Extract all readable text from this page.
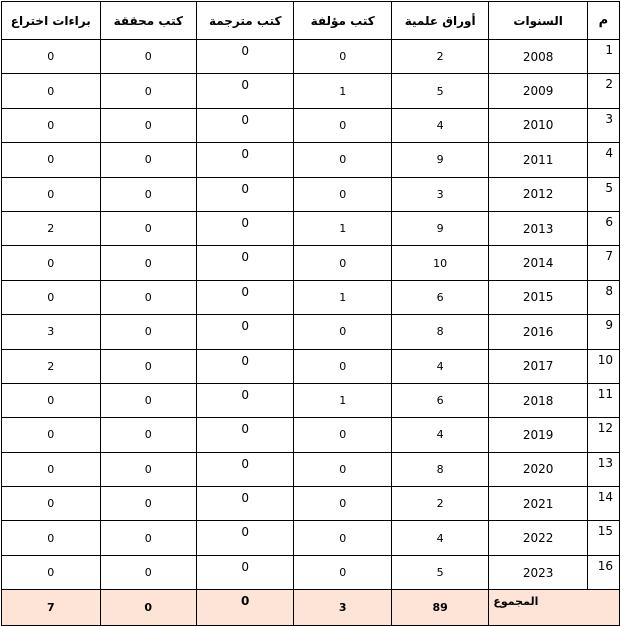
م	السنوات	أوراق علمية	كتب مؤلفة	كتب مترجمة	كتب محققة	براءات اختراع
1	2008	2	0	0	0	0
2	2009	5	1	0	0	0
3	2010	4	0	0	0	0
4	2011	9	0	0	0	0
5	2012	3	0	0	0	0
6	2013	9	1	0	0	2
7	2014	10	0	0	0	0
8	2015	6	1	0	0	0
9	2016	8	0	0	0	3
10	2017	4	0	0	0	2
11	2018	6	1	0	0	0
12	2019	4	0	0	0	0
13	2020	8	0	0	0	0
14	2021	2	0	0	0	0
15	2022	4	0	0	0	0
16	2023	5	0	0	0	0
المجموع		89	3	0	0	7
